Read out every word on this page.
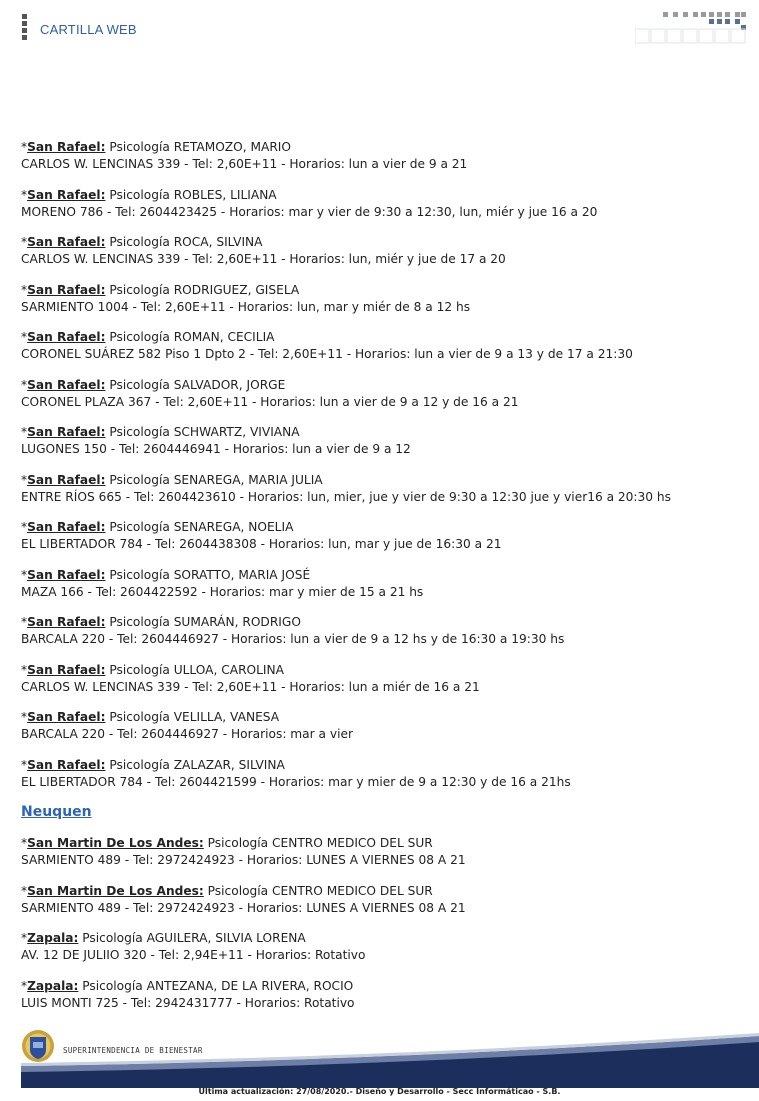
CARTILLA WEB
*San Rafael: Psicología RETAMOZO, MARIO
CARLOS W. LENCINAS 339 - Tel: 2,60E+11 - Horarios: lun a vier de 9 a 21
*San Rafael: Psicología ROBLES, LILIANA
MORENO 786 - Tel: 2604423425 - Horarios: mar y vier de 9:30 a 12:30, lun, miér y jue 16 a 20
*San Rafael: Psicología ROCA, SILVINA
CARLOS W. LENCINAS 339 - Tel: 2,60E+11 - Horarios: lun, miér y jue de 17 a 20
*San Rafael: Psicología RODRIGUEZ, GISELA
SARMIENTO 1004 - Tel: 2,60E+11 - Horarios: lun, mar y miér de 8 a 12 hs
*San Rafael: Psicología ROMAN, CECILIA
CORONEL SUÁREZ 582 Piso 1 Dpto 2 - Tel: 2,60E+11 - Horarios: lun a vier de 9 a 13 y de 17 a 21:30
*San Rafael: Psicología SALVADOR, JORGE
CORONEL PLAZA 367 - Tel: 2,60E+11 - Horarios: lun a vier de 9 a 12 y de 16 a 21
*San Rafael: Psicología SCHWARTZ, VIVIANA
LUGONES 150 - Tel: 2604446941 - Horarios: lun a vier de 9 a 12
*San Rafael: Psicología SENAREGA, MARIA JULIA
ENTRE RÍOS 665 - Tel: 2604423610 - Horarios: lun, mier, jue y vier de 9:30 a 12:30 jue y vier16 a 20:30 hs
*San Rafael: Psicología SENAREGA, NOELIA
EL LIBERTADOR 784 - Tel: 2604438308 - Horarios: lun, mar y jue de 16:30 a 21
*San Rafael: Psicología SORATTO, MARIA JOSÉ
MAZA 166 - Tel: 2604422592 - Horarios: mar y mier de 15 a 21 hs
*San Rafael: Psicología SUMARÁN, RODRIGO
BARCALA 220 - Tel: 2604446927 - Horarios: lun a vier de 9 a 12 hs y de 16:30 a 19:30 hs
*San Rafael: Psicología ULLOA, CAROLINA
CARLOS W. LENCINAS 339 - Tel: 2,60E+11 - Horarios: lun a miér de 16 a 21
*San Rafael: Psicología VELILLA, VANESA
BARCALA 220 - Tel: 2604446927 - Horarios: mar a vier
*San Rafael: Psicología ZALAZAR, SILVINA
EL LIBERTADOR 784 - Tel: 2604421599 - Horarios: mar y mier de 9 a 12:30 y de 16 a 21hs
Neuquen
*San Martin De Los Andes: Psicología CENTRO MEDICO DEL SUR
SARMIENTO 489 - Tel: 2972424923 - Horarios: LUNES A VIERNES 08 A 21
*San Martin De Los Andes: Psicología CENTRO MEDICO DEL SUR
SARMIENTO 489 - Tel: 2972424923 - Horarios: LUNES A VIERNES 08 A 21
*Zapala: Psicología AGUILERA, SILVIA LORENA
AV. 12 DE JULIIO 320 - Tel: 2,94E+11 - Horarios: Rotativo
*Zapala: Psicología ANTEZANA, DE LA RIVERA, ROCIO
LUIS MONTI 725 - Tel: 2942431777 - Horarios: Rotativo
SUPERINTENDENCIA DE BIENESTAR
Ultima actualización: 27/08/2020.- Diseño y Desarrollo - Secc Informáticao - S.B.
